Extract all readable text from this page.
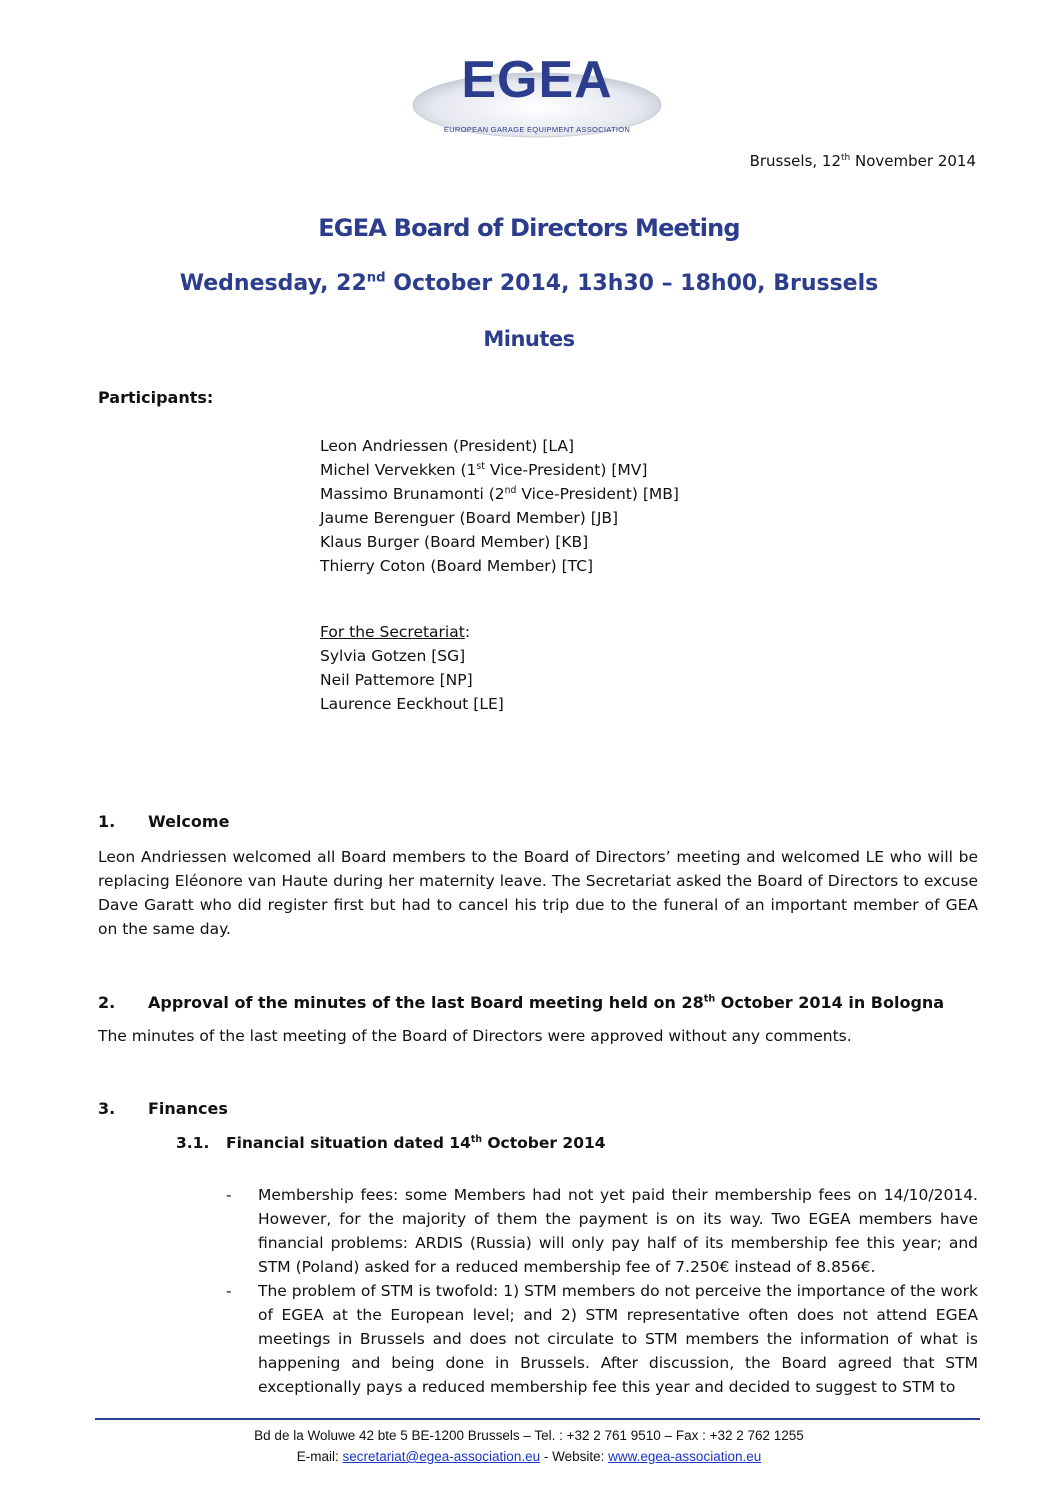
EGEA
EUROPEAN GARAGE EQUIPMENT ASSOCIATION
Brussels, 12th November 2014
EGEA Board of Directors Meeting
Wednesday, 22nd October 2014, 13h30 – 18h00, Brussels
Minutes
Participants:
Leon Andriessen (President) [LA]
Michel Vervekken (1st Vice-President) [MV]
Massimo Brunamonti (2nd Vice-President) [MB]
Jaume Berenguer (Board Member) [JB]
Klaus Burger (Board Member) [KB]
Thierry Coton (Board Member) [TC]
For the Secretariat:
Sylvia Gotzen [SG]
Neil Pattemore [NP]
Laurence Eeckhout [LE]
1. Welcome

Leon Andriessen welcomed all Board members to the Board of Directors’ meeting and welcomed LE who will be replacing Eléonore van Haute during her maternity leave. The Secretariat asked the Board of Directors to excuse Dave Garatt who did register first but had to cancel his trip due to the funeral of an important member of GEA on the same day.

2. Approval of the minutes of the last Board meeting held on 28th October 2014 in Bologna

The minutes of the last meeting of the Board of Directors were approved without any comments.

3. Finances
3.1. Financial situation dated 14th October 2014
- Membership fees: some Members had not yet paid their membership fees on 14/10/2014. However, for the majority of them the payment is on its way. Two EGEA members have financial problems: ARDIS (Russia) will only pay half of its membership fee this year; and STM (Poland) asked for a reduced membership fee of 7.250€ instead of 8.856€.
- The problem of STM is twofold: 1) STM members do not perceive the importance of the work of EGEA at the European level; and 2) STM representative often does not attend EGEA meetings in Brussels and does not circulate to STM members the information of what is happening and being done in Brussels. After discussion, the Board agreed that STM exceptionally pays a reduced membership fee this year and decided to suggest to STM to
Bd de la Woluwe 42 bte 5 BE-1200 Brussels – Tel. : +32 2 761 9510 – Fax : +32 2 762 1255
E-mail: secretariat@egea-association.eu - Website: www.egea-association.eu
